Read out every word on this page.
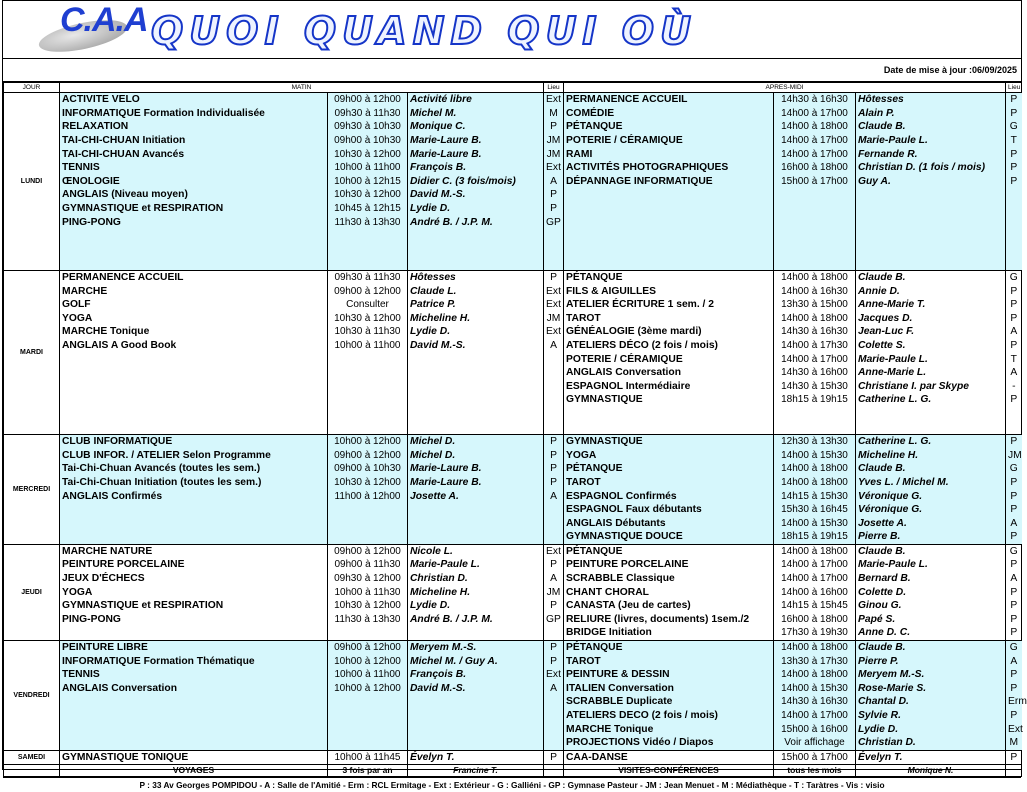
C.A.A QUOI QUAND QUI OÙ
Date de mise à jour :06/09/2025
JOUR	MATIN			Lieu	APRES-MIDI			Lieu
LUNDI	ACTIVITE VELO	09h00 à 12h00	Activité libre	Ext	PERMANENCE ACCUEIL	14h30 à 16h30	Hôtesses	P
	INFORMATIQUE Formation Individualisée	09h30 à 11h30	Michel M.	M	COMÉDIE	14h00 à 17h00	Alain P.	P
	RELAXATION	09h30 à 10h30	Monique C.	P	PÉTANQUE	14h00 à 18h00	Claude B.	G
	TAI-CHI-CHUAN Initiation	09h00 à 10h30	Marie-Laure B.	JM	POTERIE / CÉRAMIQUE	14h00 à 17h00	Marie-Paule L.	T
	TAI-CHI-CHUAN Avancés	10h30 à 12h00	Marie-Laure B.	JM	RAMI	14h00 à 17h00	Fernande R.	P
	TENNIS	10h00 à 11h00	François B.	Ext	ACTIVITÉS PHOTOGRAPHIQUES	16h00 à 18h00	Christian D. (1 fois / mois)	P
	ŒNOLOGIE	10h00 à 12h15	Didier C. (3 fois/mois)	A	DÉPANNAGE INFORMATIQUE	15h00 à 17h00	Guy A.	P
	ANGLAIS (Niveau moyen)	10h30 à 12h00	David M.-S.	P				
	GYMNASTIQUE et RESPIRATION	10h45 à 12h15	Lydie D.	P				
	PING-PONG	11h30 à 13h30	André B. / J.P. M.	GP				

MARDI	PERMANENCE ACCUEIL	09h30 à 11h30	Hôtesses	P	PÉTANQUE	14h00 à 18h00	Claude B.	G
	MARCHE	09h00 à 12h00	Claude L.	Ext	FILS & AIGUILLES	14h00 à 16h30	Annie D.	P
	GOLF	Consulter	Patrice P.	Ext	ATELIER ÉCRITURE 1 sem. / 2	13h30 à 15h00	Anne-Marie T.	P
	YOGA	10h30 à 12h00	Micheline H.	JM	TAROT	14h00 à 18h00	Jacques D.	P
	MARCHE Tonique	10h30 à 11h30	Lydie D.	Ext	GÉNÉALOGIE (3ème mardi)	14h30 à 16h30	Jean-Luc F.	A
	ANGLAIS A Good Book	10h00 à 11h00	David M.-S.	A	ATELIERS DÉCO (2 fois / mois)	14h00 à 17h30	Colette S.	P
					POTERIE / CÉRAMIQUE	14h00 à 17h00	Marie-Paule L.	T
					ANGLAIS Conversation	14h30 à 16h00	Anne-Marie L.	A
					ESPAGNOL Intermédiaire	14h30 à 15h30	Christiane I. par Skype	-
					GYMNASTIQUE	18h15 à 19h15	Catherine L. G.	P

MERCREDI	CLUB INFORMATIQUE	10h00 à 12h00	Michel D.	P	GYMNASTIQUE	12h30 à 13h30	Catherine L. G.	P
	CLUB INFOR. / ATELIER Selon Programme	09h00 à 12h00	Michel D.	P	YOGA	14h00 à 15h30	Micheline H.	JM
	Tai-Chi-Chuan Avancés (toutes les sem.)	09h00 à 10h30	Marie-Laure B.	P	PÉTANQUE	14h00 à 18h00	Claude B.	G
	Tai-Chi-Chuan Initiation (toutes les sem.)	10h30 à 12h00	Marie-Laure B.	P	TAROT	14h00 à 18h00	Yves L. / Michel M.	P
	ANGLAIS Confirmés	11h00 à 12h00	Josette A.	A	ESPAGNOL Confirmés	14h15 à 15h30	Véronique G.	P
					ESPAGNOL Faux débutants	15h30 à 16h45	Véronique G.	P
					ANGLAIS Débutants	14h00 à 15h30	Josette A.	A
					GYMNASTIQUE DOUCE	18h15 à 19h15	Pierre B.	P
JEUDI	MARCHE NATURE	09h00 à 12h00	Nicole L.	Ext	PÉTANQUE	14h00 à 18h00	Claude B.	G
	PEINTURE PORCELAINE	09h00 à 11h30	Marie-Paule L.	P	PEINTURE PORCELAINE	14h00 à 17h00	Marie-Paule L.	P
	JEUX D'ÉCHECS	09h30 à 12h00	Christian D.	A	SCRABBLE Classique	14h00 à 17h00	Bernard B.	A
	YOGA	10h00 à 11h30	Micheline H.	JM	CHANT CHORAL	14h00 à 16h00	Colette D.	P
	GYMNASTIQUE et RESPIRATION	10h30 à 12h00	Lydie D.	P	CANASTA (Jeu de cartes)	14h15 à 15h45	Ginou G.	P
	PING-PONG	11h30 à 13h30	André B. / J.P. M.	GP	RELIURE (livres, documents) 1sem./2	16h00 à 18h00	Papé S.	P
					BRIDGE Initiation	17h30 à 19h30	Anne D. C.	P
VENDREDI	PEINTURE LIBRE	09h00 à 12h00	Meryem M.-S.	P	PÉTANQUE	14h00 à 18h00	Claude B.	G
	INFORMATIQUE Formation Thématique	10h00 à 12h00	Michel M. / Guy A.	P	TAROT	13h30 à 17h30	Pierre P.	A
	TENNIS	10h00 à 11h00	François B.	Ext	PEINTURE & DESSIN	14h00 à 18h00	Meryem M.-S.	P
	ANGLAIS Conversation	10h00 à 12h00	David M.-S.	A	ITALIEN Conversation	14h00 à 15h30	Rose-Marie S.	P
					SCRABBLE Duplicate	14h30 à 16h30	Chantal D.	Erm
					ATELIERS DECO (2 fois / mois)	14h00 à 17h00	Sylvie R.	P
					MARCHE Tonique	15h00 à 16h00	Lydie D.	Ext
					PROJECTIONS Vidéo / Diapos	Voir affichage	Christian D.	M
SAMEDI	GYMNASTIQUE TONIQUE	10h00 à 11h45	Évelyn T.	P	CAA-DANSE	15h00 à 17h00	Évelyn T.	P
	VOYAGES	3 fois par an	Francine T.		VISITES-CONFÉRENCES	tous les mois	Monique N.	
P : 33 Av Georges POMPIDOU - A : Salle de l'Amitié - Erm : RCL Ermitage - Ext : Extérieur - G : Galliéni - GP : Gymnase Pasteur - JM : Jean Menuet - M : Médiathèque - T : Taràtres - Vis : visio
